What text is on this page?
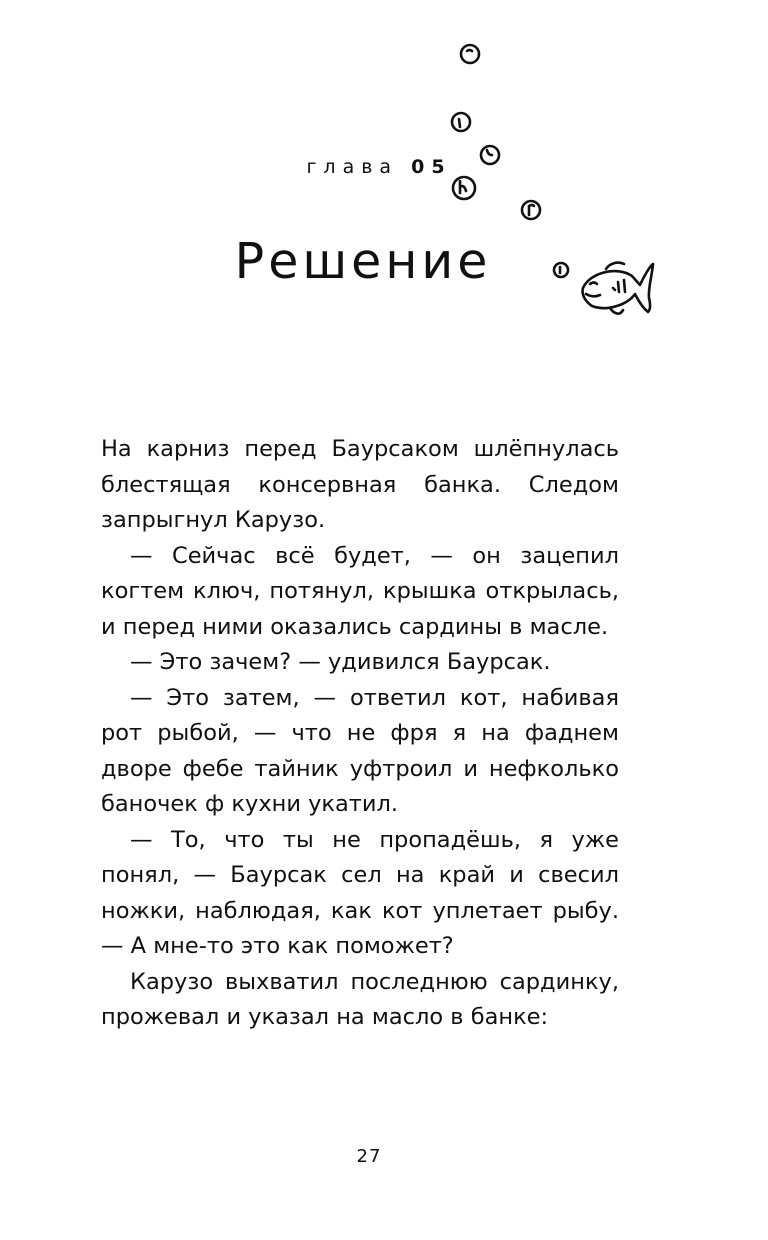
глава 05
Решение

На карниз перед Баурсаком шлёпнулась блестящая консервная банка. Следом запрыгнул Карузо.

— Сейчас всё будет, — он зацепил когтем ключ, потянул, крышка открылась, и перед ними оказались сардины в масле.

— Это зачем? — удивился Баурсак.

— Это затем, — ответил кот, набивая рот рыбой, — что не фря я на фаднем дворе фебе тайник уфтроил и нефколько баночек ф кухни укатил.

— То, что ты не пропадёшь, я уже понял, — Баурсак сел на край и свесил ножки, наблюдая, как кот уплетает рыбу. — А мне-то это как поможет?

Карузо выхватил последнюю сардинку, прожевал и указал на масло в банке:

27
